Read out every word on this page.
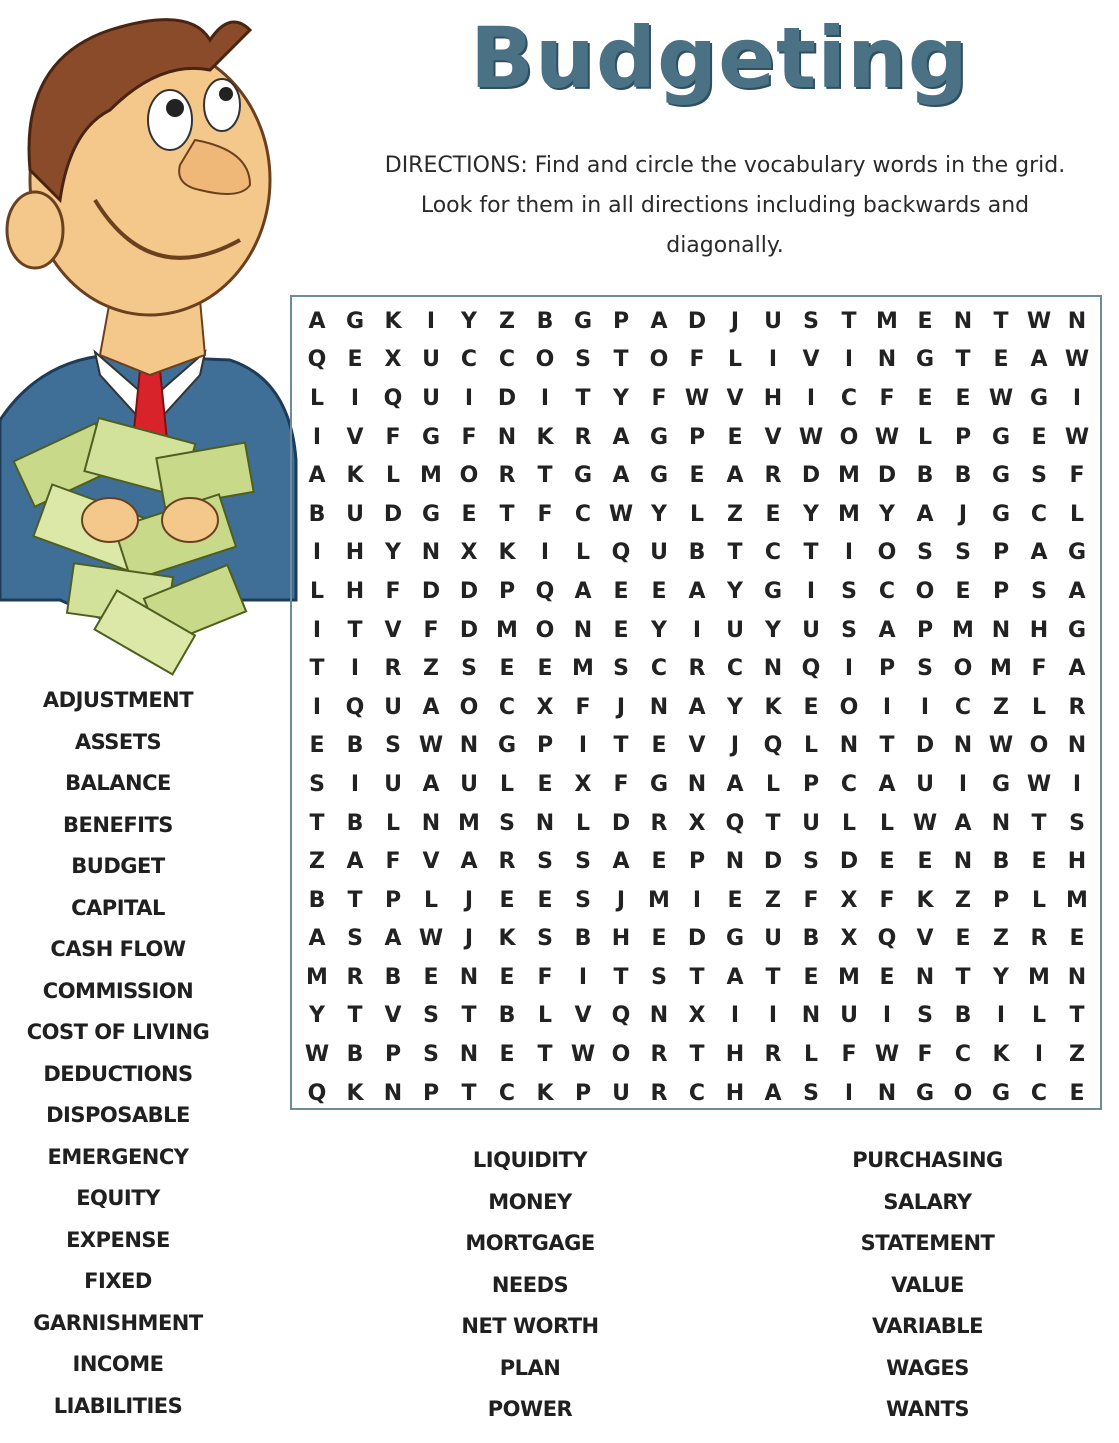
Budgeting
DIRECTIONS: Find and circle the vocabulary words in the grid. Look for them in all directions including backwards and diagonally.
A G K	I	Y	Z B G P A D	J	U S	T M E N T W N
Q E	X U C C O S	T O F	L	I	V	I	N G T	E A W
L	I	Q U	I	D	I	T	Y	F W V H	I	C	F	E	E W G	I
I	V F G F N K R A G P	E V W O W L	P G E W
A K	L M O R	T G A G E A R D M D B B G S	F
B U D G E	T	F	C W Y	L	Z	E	Y M Y A	J	G C	L
I	H Y N X K	I	L Q U B	T	C	T	I	O S	S	P A G
L H F D D P Q A E	E A Y G	I	S	C O E	P	S A
I	T V F D M O N E	Y	I	U Y U S A P M N H G
T	I	R Z	S	E	E M S	C R C N Q	I	P	S O M F A
I	Q U A O C X	F	J	N A Y K E O	I	I	C Z	L	R
E	B S W N G P	I	T	E V	J	Q L N T D N W O N
S	I	U A U	L	E	X	F G N A	L	P C A U	I	G W I
T	B	L N M S N L D R X Q T U	L	L W A N T	S
Z A F V A R S	S A E	P N D S D E	E N B	E H
B	T	P	L	J	E	E	S	J	M	I	E	Z	F	X	F K Z P	L M
A S A W J	K S B H E D G U B X Q V E	Z R	E
M R B	E N E	F	I	T	S	T A T	E M E N T	Y M N
Y	T V S	T	B	L	V Q N X	I	I	N U	I	S B	I	L	T
W B P	S N E	T W O R	T H R	L	F W F	C K	I	Z
Q K N P	T	C K P U R C H A S	I	N G O G C	E
ADJUSTMENT
ASSETS
BALANCE
BENEFITS
BUDGET
CAPITAL
CASH FLOW
COMMISSION
COST OF LIVING
DEDUCTIONS
DISPOSABLE
EMERGENCY
EQUITY
EXPENSE
FIXED
GARNISHMENT
INCOME
LIABILITIES
LIQUIDITY
MONEY
MORTGAGE
NEEDS
NET WORTH
PLAN
POWER
PURCHASING
SALARY
STATEMENT
VALUE
VARIABLE
WAGES
WANTS
